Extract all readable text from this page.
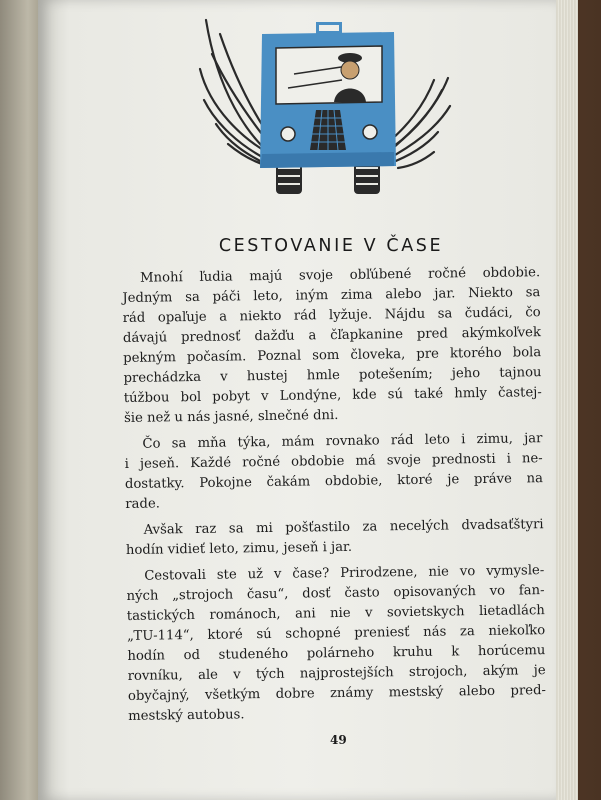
CESTOVANIE V ČASE

Mnohí ľudia majú svoje obľúbené ročné obdobie.
Jedným sa páči leto, iným zima alebo jar. Niekto sa
rád opaľuje a niekto rád lyžuje. Nájdu sa čudáci, čo
dávajú prednosť dažďu a čľapkanine pred akýmkoľvek
pekným počasím. Poznal som človeka, pre ktorého bola
prechádzka v hustej hmle potešením; jeho tajnou
túžbou bol pobyt v Londýne, kde sú také hmly častej-
šie než u nás jasné, slnečné dni.

Čo sa mňa týka, mám rovnako rád leto i zimu, jar
i jeseň. Každé ročné obdobie má svoje prednosti i ne-
dostatky. Pokojne čakám obdobie, ktoré je práve na
rade.

Avšak raz sa mi pošťastilo za necelých dvadsaťštyri
hodín vidieť leto, zimu, jeseň i jar.

Cestovali ste už v čase? Prirodzene, nie vo vymysle-
ných „strojoch času“, dosť často opisovaných vo fan-
tastických románoch, ani nie v sovietskych lietadlách
„TU-114“, ktoré sú schopné preniesť nás za niekoľko
hodín od studeného polárneho kruhu k horúcemu
rovníku, ale v tých najprostejších strojoch, akým je
obyčajný, všetkým dobre známy mestský alebo pred-
mestský autobus.

49
